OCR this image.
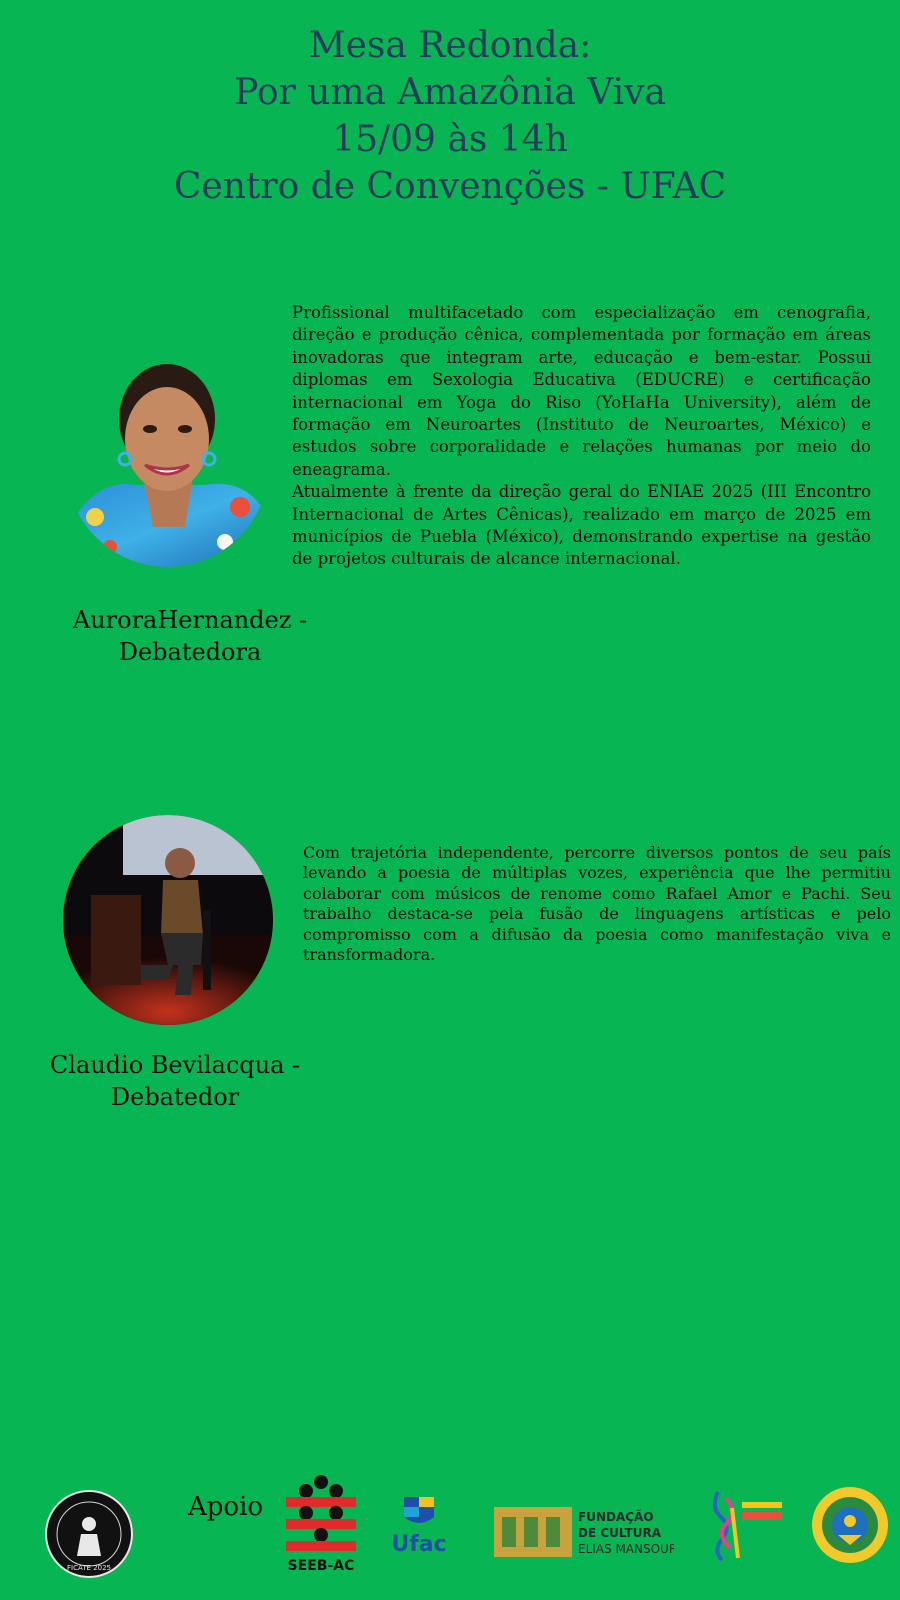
Mesa Redonda:
Por uma Amazônia Viva
15/09 às 14h
Centro de Convenções - UFAC

Profissional multifacetado com especialização em cenografia, direção e produção cênica, complementada por formação em áreas inovadoras que integram arte, educação e bem-estar. Possui diplomas em Sexologia Educativa (EDUCRE) e certificação internacional em Yoga do Riso (YoHaHa University), além de formação em Neuroartes (Instituto de Neuroartes, México) e estudos sobre corporalidade e relações humanas por meio do eneagrama.

Atualmente à frente da direção geral do ENIAE 2025 (III Encontro Internacional de Artes Cênicas), realizado em março de 2025 em municípios de Puebla (México), demonstrando expertise na gestão de projetos culturais de alcance internacional.

AuroraHernandez -
Debatedora

Com trajetória independente, percorre diversos pontos de seu país levando a poesia de múltiplas vozes, experiência que lhe permitiu colaborar com músicos de renome como Rafael Amor e Pachi. Seu trabalho destaca-se pela fusão de linguagens artísticas e pelo compromisso com a difusão da poesia como manifestação viva e transformadora.

Claudio Bevilacqua -
Debatedor
FICATE 2025
Apoio
SEEB-AC
Ufac
FUNDAÇÃO
DE CULTURA
ELIAS MANSOUR
